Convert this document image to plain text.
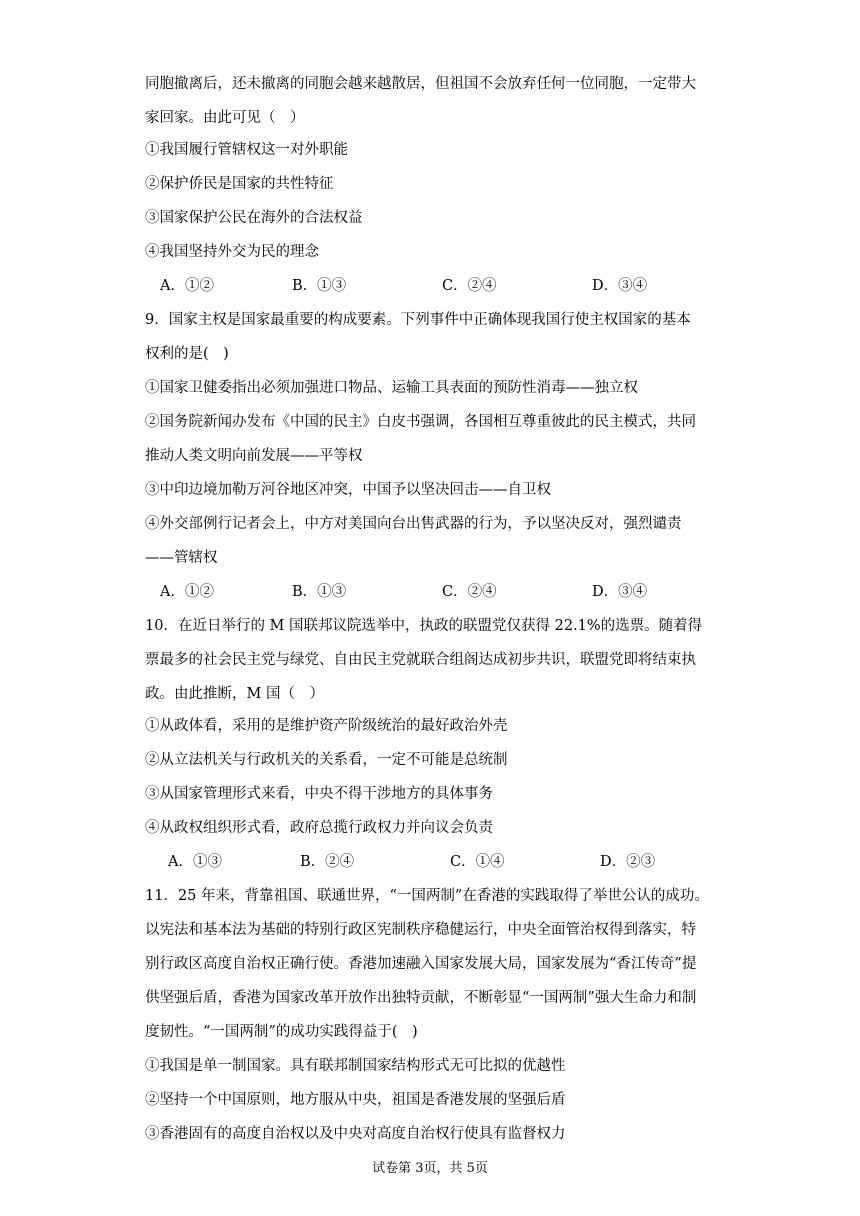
同胞撤离后，还未撤离的同胞会越来越散居，但祖国不会放弃任何一位同胞，一定带大
家回家。由此可见（　）
①我国履行管辖权这一对外职能
②保护侨民是国家的共性特征
③国家保护公民在海外的合法权益
④我国坚持外交为民的理念
A．①②	B．①③	C．②④	D．③④
9．国家主权是国家最重要的构成要素。下列事件中正确体现我国行使主权国家的基本
权利的是(　)
①国家卫健委指出必须加强进口物品、运输工具表面的预防性消毒——独立权
②国务院新闻办发布《中国的民主》白皮书强调，各国相互尊重彼此的民主模式，共同
推动人类文明向前发展——平等权
③中印边境加勒万河谷地区冲突，中国予以坚决回击——自卫权
④外交部例行记者会上，中方对美国向台出售武器的行为，予以坚决反对，强烈谴责
——管辖权
A．①②	B．①③	C．②④	D．③④
10．在近日举行的 M 国联邦议院选举中，执政的联盟党仅获得 22.1%的选票。随着得
票最多的社会民主党与绿党、自由民主党就联合组阁达成初步共识，联盟党即将结束执
政。由此推断，M 国（　）
①从政体看，采用的是维护资产阶级统治的最好政治外壳
②从立法机关与行政机关的关系看，一定不可能是总统制
③从国家管理形式来看，中央不得干涉地方的具体事务
④从政权组织形式看，政府总揽行政权力并向议会负责
A．①③	B．②④	C．①④	D．②③
11．25 年来，背靠祖国、联通世界，“一国两制”在香港的实践取得了举世公认的成功。
以宪法和基本法为基础的特别行政区宪制秩序稳健运行，中央全面管治权得到落实，特
别行政区高度自治权正确行使。香港加速融入国家发展大局，国家发展为“香江传奇”提
供坚强后盾，香港为国家改革开放作出独特贡献，不断彰显“一国两制”强大生命力和制
度韧性。“一国两制”的成功实践得益于(　)
①我国是单一制国家。具有联邦制国家结构形式无可比拟的优越性
②坚持一个中国原则，地方服从中央，祖国是香港发展的坚强后盾
③香港固有的高度自治权以及中央对高度自治权行使具有监督权力
试卷第 3页，共 5页
